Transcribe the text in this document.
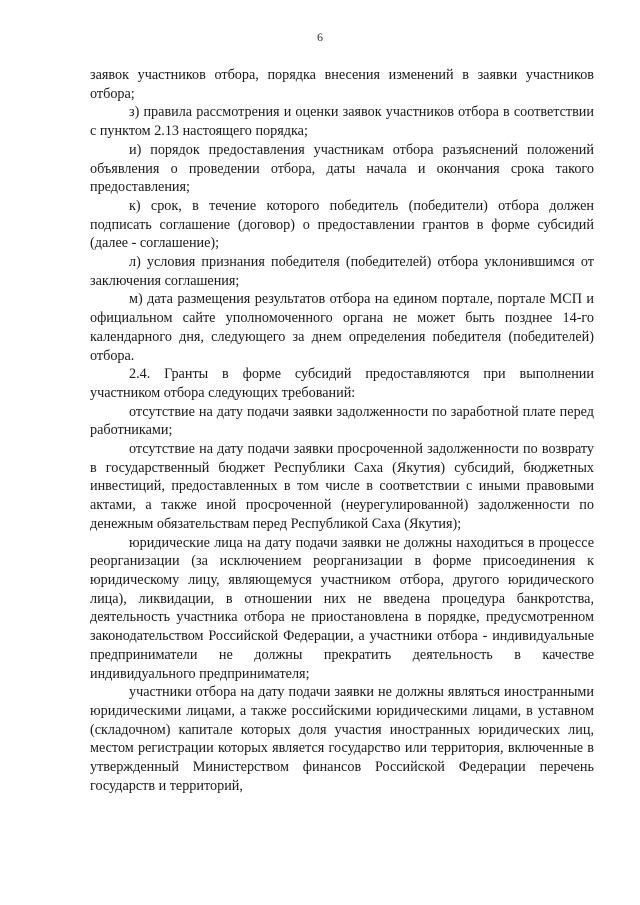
6

заявок участников отбора, порядка внесения изменений в заявки участников отбора;

з) правила рассмотрения и оценки заявок участников отбора в соответствии с пунктом 2.13 настоящего порядка;

и) порядок предоставления участникам отбора разъяснений положений объявления о проведении отбора, даты начала и окончания срока такого предоставления;

к) срок, в течение которого победитель (победители) отбора должен подписать соглашение (договор) о предоставлении грантов в форме субсидий (далее - соглашение);

л) условия признания победителя (победителей) отбора уклонившимся от заключения соглашения;

м) дата размещения результатов отбора на едином портале, портале МСП и официальном сайте уполномоченного органа не может быть позднее 14-го календарного дня, следующего за днем определения победителя (победителей) отбора.

2.4. Гранты в форме субсидий предоставляются при выполнении участником отбора следующих требований:

отсутствие на дату подачи заявки задолженности по заработной плате перед работниками;

отсутствие на дату подачи заявки просроченной задолженности по возврату в государственный бюджет Республики Саха (Якутия) субсидий, бюджетных инвестиций, предоставленных в том числе в соответствии с иными правовыми актами, а также иной просроченной (неурегулированной) задолженности по денежным обязательствам перед Республикой Саха (Якутия);

юридические лица на дату подачи заявки не должны находиться в процессе реорганизации (за исключением реорганизации в форме присоединения к юридическому лицу, являющемуся участником отбора, другого юридического лица), ликвидации, в отношении них не введена процедура банкротства, деятельность участника отбора не приостановлена в порядке, предусмотренном законодательством Российской Федерации, а участники отбора - индивидуальные предприниматели не должны прекратить деятельность в качестве индивидуального предпринимателя;

участники отбора на дату подачи заявки не должны являться иностранными юридическими лицами, а также российскими юридическими лицами, в уставном (складочном) капитале которых доля участия иностранных юридических лиц, местом регистрации которых является государство или территория, включенные в утвержденный Министерством финансов Российской Федерации перечень государств и территорий,
